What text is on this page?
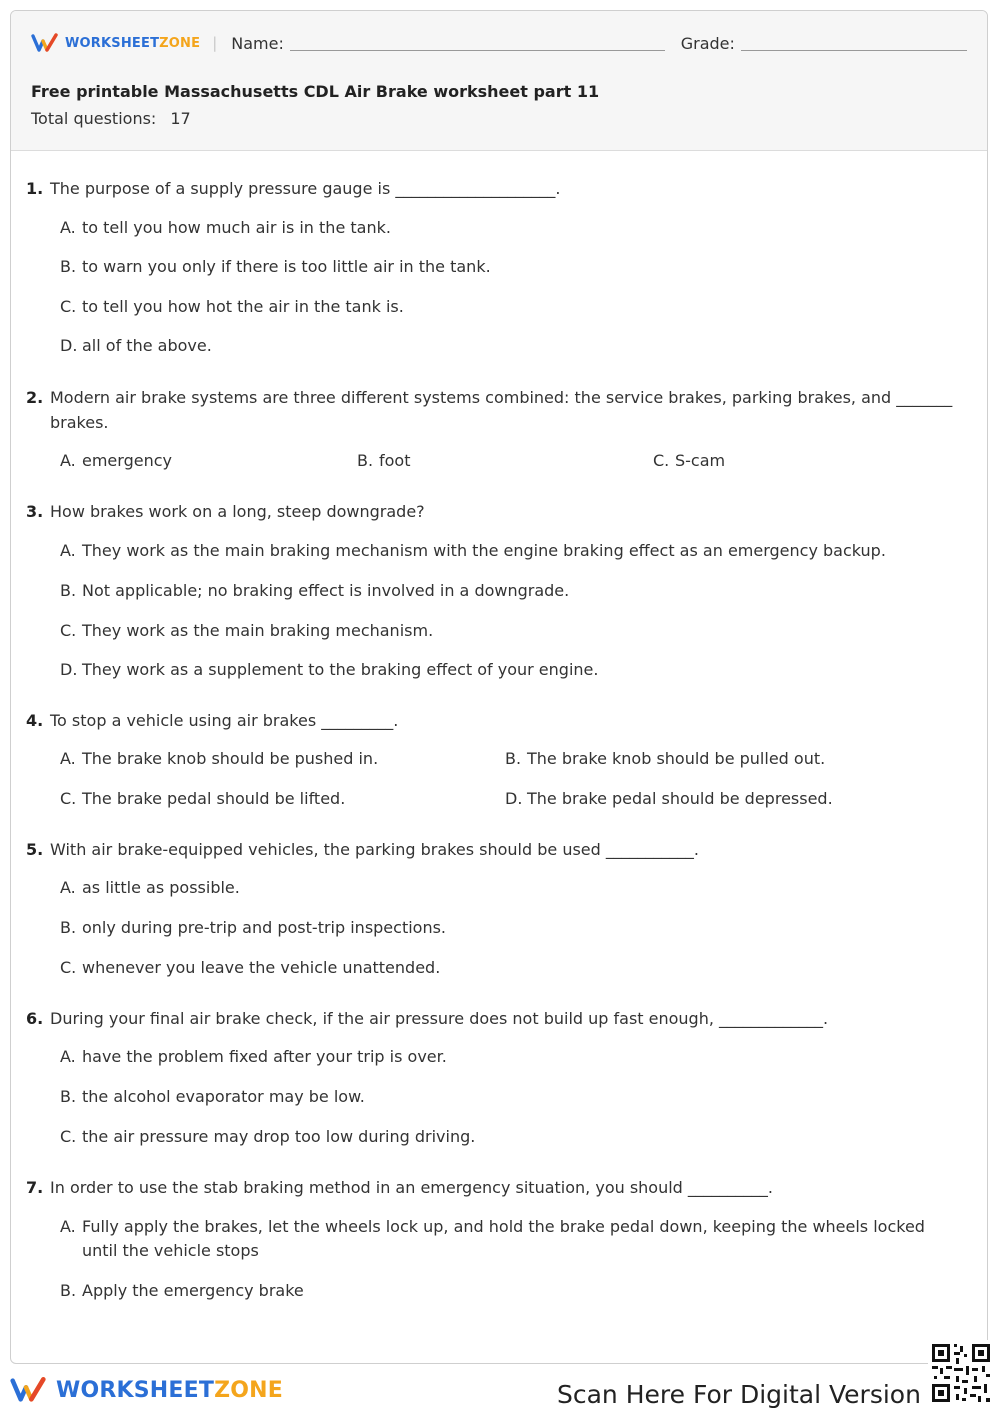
WORKSHEETZONE | Name:	Grade:
Free printable Massachusetts CDL Air Brake worksheet part 11
Total questions: 17
1. The purpose of a supply pressure gauge is ____________________.
A. to tell you how much air is in the tank.
B. to warn you only if there is too little air in the tank.
C. to tell you how hot the air in the tank is.
D. all of the above.
2. Modern air brake systems are three different systems combined: the service brakes, parking brakes, and _______ brakes.
A. emergency	B. foot	C. S-cam
3. How brakes work on a long, steep downgrade?
A. They work as the main braking mechanism with the engine braking effect as an emergency backup.
B. Not applicable; no braking effect is involved in a downgrade.
C. They work as the main braking mechanism.
D. They work as a supplement to the braking effect of your engine.
4. To stop a vehicle using air brakes _________.
A. The brake knob should be pushed in.	B. The brake knob should be pulled out.
C. The brake pedal should be lifted.	D. The brake pedal should be depressed.
5. With air brake-equipped vehicles, the parking brakes should be used ___________.
A. as little as possible.
B. only during pre-trip and post-trip inspections.
C. whenever you leave the vehicle unattended.
6. During your final air brake check, if the air pressure does not build up fast enough, _____________.
A. have the problem fixed after your trip is over.
B. the alcohol evaporator may be low.
C. the air pressure may drop too low during driving.
7. In order to use the stab braking method in an emergency situation, you should __________.
A. Fully apply the brakes, let the wheels lock up, and hold the brake pedal down, keeping the wheels locked until the vehicle stops
B. Apply the emergency brake
WORKSHEETZONE	Scan Here For Digital Version
